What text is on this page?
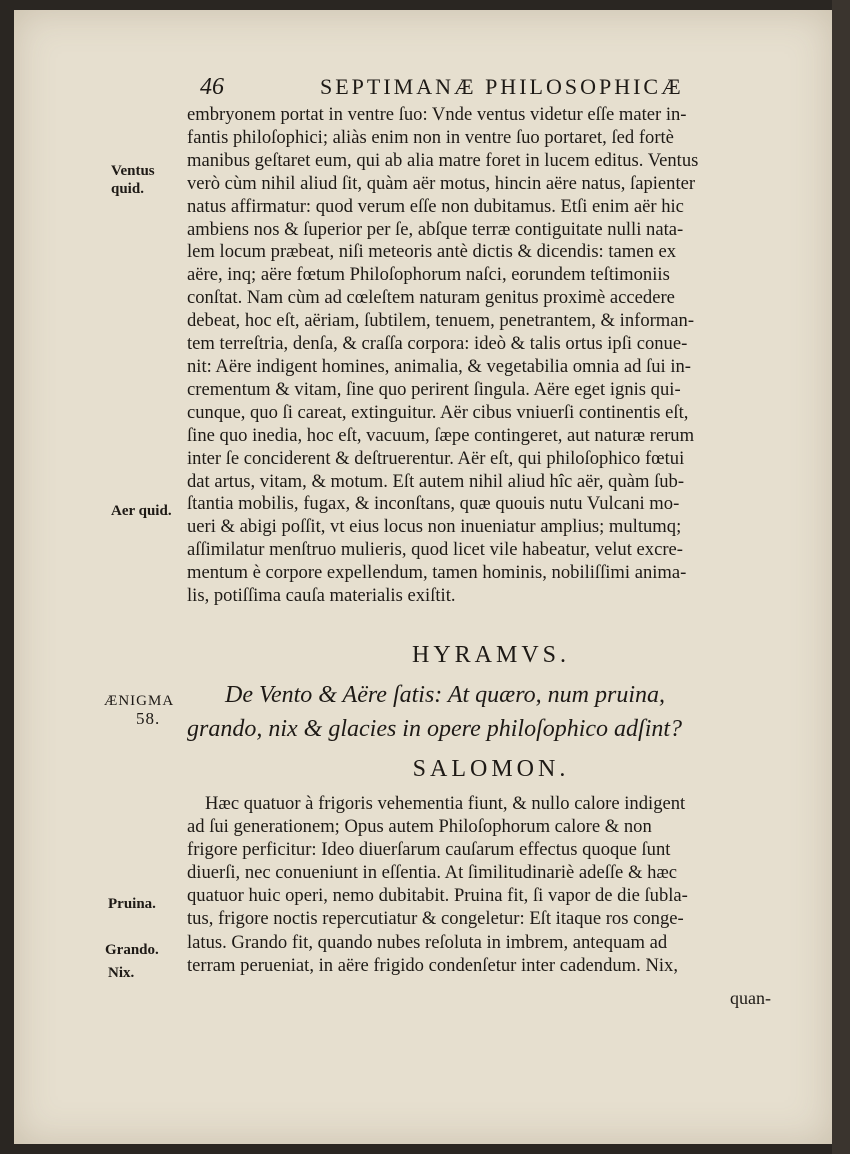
46	SEPTIMANÆ PHILOSOPHICÆ
Ventus
quid.
Aer quid.
ÆNIGMA
58.
Pruina.
Grando.
Nix.
embryonem portat in ventre ſuo: Vnde ventus videtur eſſe mater in-
fantis philoſophici; aliàs enim non in ventre ſuo portaret, ſed fortè
manibus geſtaret eum, qui ab alia matre foret in lucem editus. Ventus
verò cùm nihil aliud ſit, quàm aër motus, hincin aëre natus, ſapienter
natus affirmatur: quod verum eſſe non dubitamus. Etſi enim aër hic
ambiens nos & ſuperior per ſe, abſque terræ contiguitate nulli nata-
lem locum præbeat, niſi meteoris antè dictis & dicendis: tamen ex
aëre, inq; aëre fœtum Philoſophorum naſci, eorundem teſtimoniis
conſtat. Nam cùm ad cœleſtem naturam genitus proximè accedere
debeat, hoc eſt, aëriam, ſubtilem, tenuem, penetrantem, & informan-
tem terreſtria, denſa, & craſſa corpora: ideò & talis ortus ipſi conue-
nit: Aëre indigent homines, animalia, & vegetabilia omnia ad ſui in-
crementum & vitam, ſine quo perirent ſingula. Aëre eget ignis qui-
cunque, quo ſi careat, extinguitur. Aër cibus vniuerſi continentis eſt,
ſine quo inedia, hoc eſt, vacuum, ſæpe contingeret, aut naturæ rerum
inter ſe conciderent & deſtruerentur. Aër eſt, qui philoſophico fœtui
dat artus, vitam, & motum. Eſt autem nihil aliud hîc aër, quàm ſub-
ſtantia mobilis, fugax, & inconſtans, quæ quouis nutu Vulcani mo-
ueri & abigi poſſit, vt eius locus non inueniatur amplius; multumq;
aſſimilatur menſtruo mulieris, quod licet vile habeatur, velut excre-
mentum è corpore expellendum, tamen hominis, nobiliſſimi anima-
lis, potiſſima cauſa materialis exiſtit.
HYRAMVS.
De Vento & Aëre ſatis: At quæro, num pruina,
grando, nix & glacies in opere philoſophico adſint?
SALOMON.
Hæc quatuor à frigoris vehementia fiunt, & nullo calore indigent
ad ſui generationem; Opus autem Philoſophorum calore & non
frigore perficitur: Ideo diuerſarum cauſarum effectus quoque ſunt
diuerſi, nec conueniunt in eſſentia. At ſimilitudinariè adeſſe & hæc
quatuor huic operi, nemo dubitabit. Pruina fit, ſi vapor de die ſubla-
tus, frigore noctis repercutiatur & congeletur: Eſt itaque ros conge-
latus. Grando fit, quando nubes reſoluta in imbrem, antequam ad
terram perueniat, in aëre frigido condenſetur inter cadendum. Nix,
quan-
